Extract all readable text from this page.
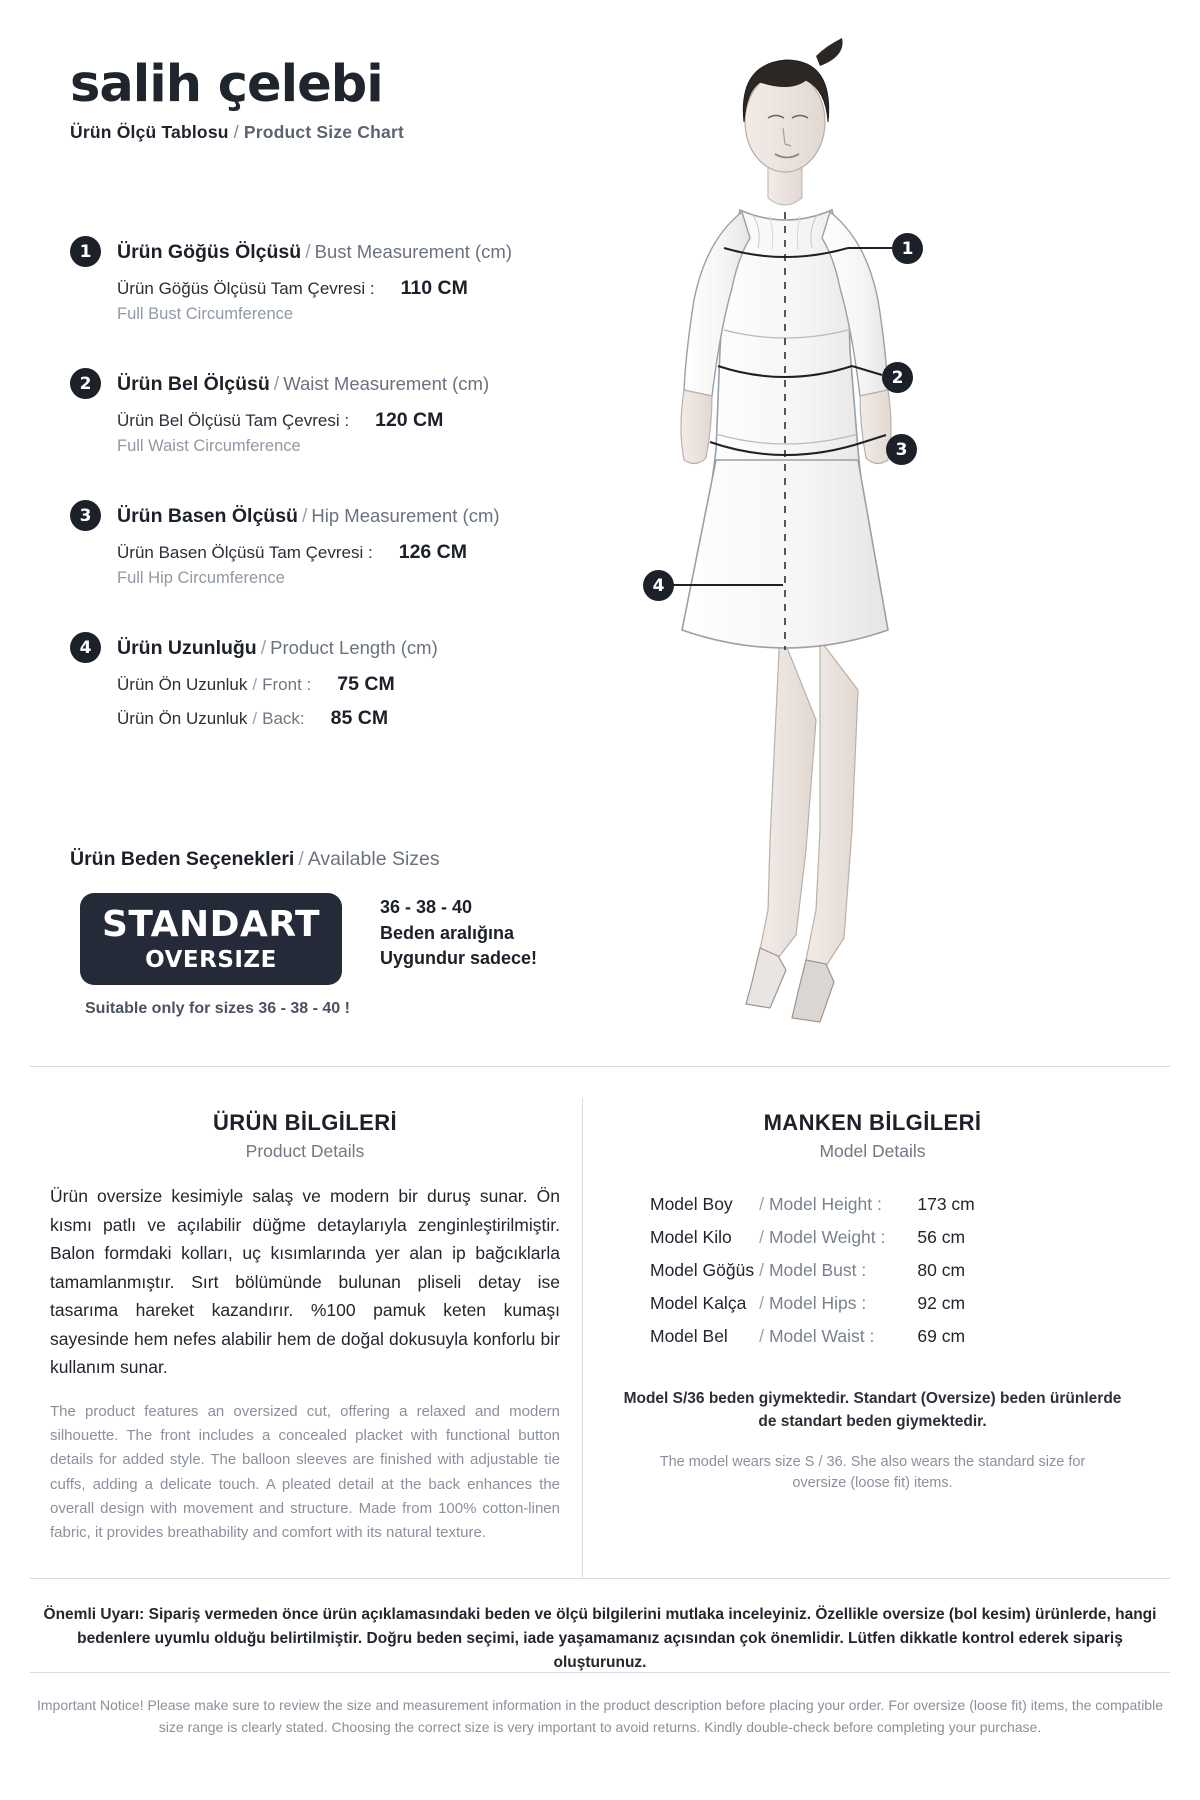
salih çelebi
Ürün Ölçü Tablosu / Product Size Chart
1	Ürün Göğüs Ölçüsü / Bust Measurement (cm)
Ürün Göğüs Ölçüsü Tam Çevresi : 110 CM
Full Bust Circumference
2	Ürün Bel Ölçüsü / Waist Measurement (cm)
Ürün Bel Ölçüsü Tam Çevresi : 120 CM
Full Waist Circumference
3	Ürün Basen Ölçüsü / Hip Measurement (cm)
Ürün Basen Ölçüsü Tam Çevresi : 126 CM
Full Hip Circumference
4	Ürün Uzunluğu / Product Length (cm)
Ürün Ön Uzunluk / Front : 75 CM
Ürün Ön Uzunluk / Back: 85 CM
Ürün Beden Seçenekleri / Available Sizes
STANDART
OVERSIZE
36 - 38 - 40
Beden aralığına
Uygundur sadece!
Suitable only for sizes 36 - 38 - 40 !
1
2
3
4
ÜRÜN BİLGİLERİ
Product Details
Ürün oversize kesimiyle salaş ve modern bir duruş sunar. Ön kısmı patlı ve açılabilir düğme detaylarıyla zenginleştirilmiştir. Balon formdaki kolları, uç kısımlarında yer alan ip bağcıklarla tamamlanmıştır. Sırt bölümünde bulunan pliseli detay ise tasarıma hareket kazandırır. %100 pamuk keten kumaşı sayesinde hem nefes alabilir hem de doğal dokusuyla konforlu bir kullanım sunar.
The product features an oversized cut, offering a relaxed and modern silhouette. The front includes a concealed placket with functional button details for added style. The balloon sleeves are finished with adjustable tie cuffs, adding a delicate touch. A pleated detail at the back enhances the overall design with movement and structure. Made from 100% cotton-linen fabric, it provides breathability and comfort with its natural texture.
MANKEN BİLGİLERİ
Model Details
Model Boy	/	Model Height :	173 cm
Model Kilo	/	Model Weight :	56 cm
Model Göğüs	/	Model Bust :	80 cm
Model Kalça	/	Model Hips :	92 cm
Model Bel	/	Model Waist :	69 cm
Model S/36 beden giymektedir. Standart (Oversize) beden ürünlerde de standart beden giymektedir.
The model wears size S / 36. She also wears the standard size for oversize (loose fit) items.
Önemli Uyarı: Sipariş vermeden önce ürün açıklamasındaki beden ve ölçü bilgilerini mutlaka inceleyiniz. Özellikle oversize (bol kesim) ürünlerde, hangi bedenlere uyumlu olduğu belirtilmiştir. Doğru beden seçimi, iade yaşamamanız açısından çok önemlidir. Lütfen dikkatle kontrol ederek sipariş oluşturunuz.
Important Notice! Please make sure to review the size and measurement information in the product description before placing your order. For oversize (loose fit) items, the compatible size range is clearly stated. Choosing the correct size is very important to avoid returns. Kindly double-check before completing your purchase.
